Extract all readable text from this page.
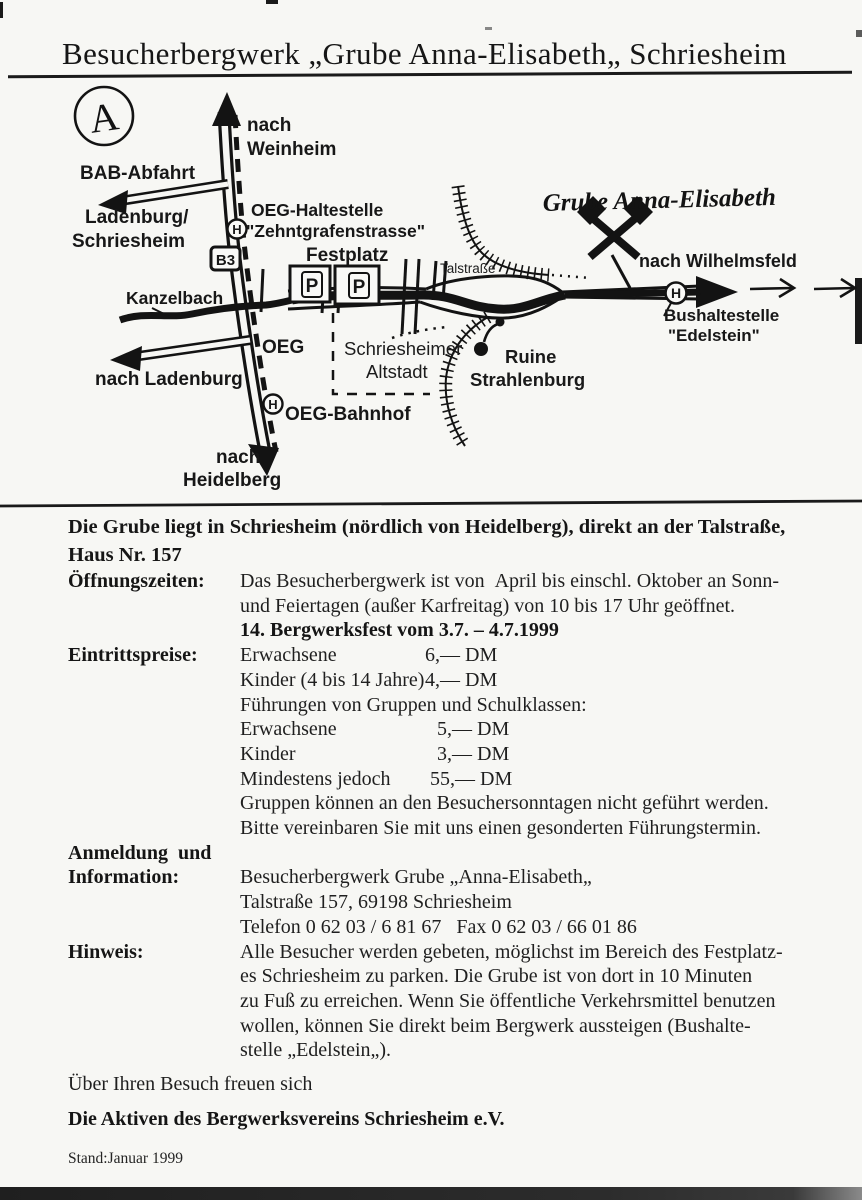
Besucherbergwerk „Grube Anna-Elisabeth„ Schriesheim
B3
P P
H
H
H
A	nach
Weinheim
BAB-Abfahrt
Ladenburg/
Schriesheim
OEG-Haltestelle
"Zehntgrafenstrasse"
Festplatz
Kanzelbach
Talstraße
Grube Anna-Elisabeth
nach Wilhelmsfeld
Bushaltestelle
"Edelstein"
OEG
nach Ladenburg
OEG-Bahnhof
nach
Heidelberg
Schriesheimer
Altstadt
Ruine
Strahlenburg
Die Grube liegt in Schriesheim (nördlich von Heidelberg), direkt an der Talstraße,
Haus Nr. 157
Öffnungszeiten:	Das Besucherbergwerk ist von  April bis einschl. Oktober an Sonn-
und Feiertagen (außer Karfreitag) von 10 bis 17 Uhr geöffnet.
14. Bergwerksfest vom 3.7. – 4.7.1999
Eintrittspreise:	Erwachsene	6,— DM
Kinder (4 bis 14 Jahre)4,— DM
Führungen von Gruppen und Schulklassen:
Erwachsene	5,— DM
Kinder	3,— DM
Mindestens jedoch 55,— DM
Gruppen können an den Besuchersonntagen nicht geführt werden.
Bitte vereinbaren Sie mit uns einen gesonderten Führungstermin.
Anmeldung  und
Information:	Besucherbergwerk Grube „Anna-Elisabeth„
Talstraße 157, 69198 Schriesheim
Telefon 0 62 03 / 6 81 67   Fax 0 62 03 / 66 01 86
Hinweis:	Alle Besucher werden gebeten, möglichst im Bereich des Festplatz-
es Schriesheim zu parken. Die Grube ist von dort in 10 Minuten
zu Fuß zu erreichen. Wenn Sie öffentliche Verkehrsmittel benutzen
wollen, können Sie direkt beim Bergwerk aussteigen (Bushalte-
stelle „Edelstein„).
Über Ihren Besuch freuen sich
Die Aktiven des Bergwerksvereins Schriesheim e.V.
Stand:Januar 1999
